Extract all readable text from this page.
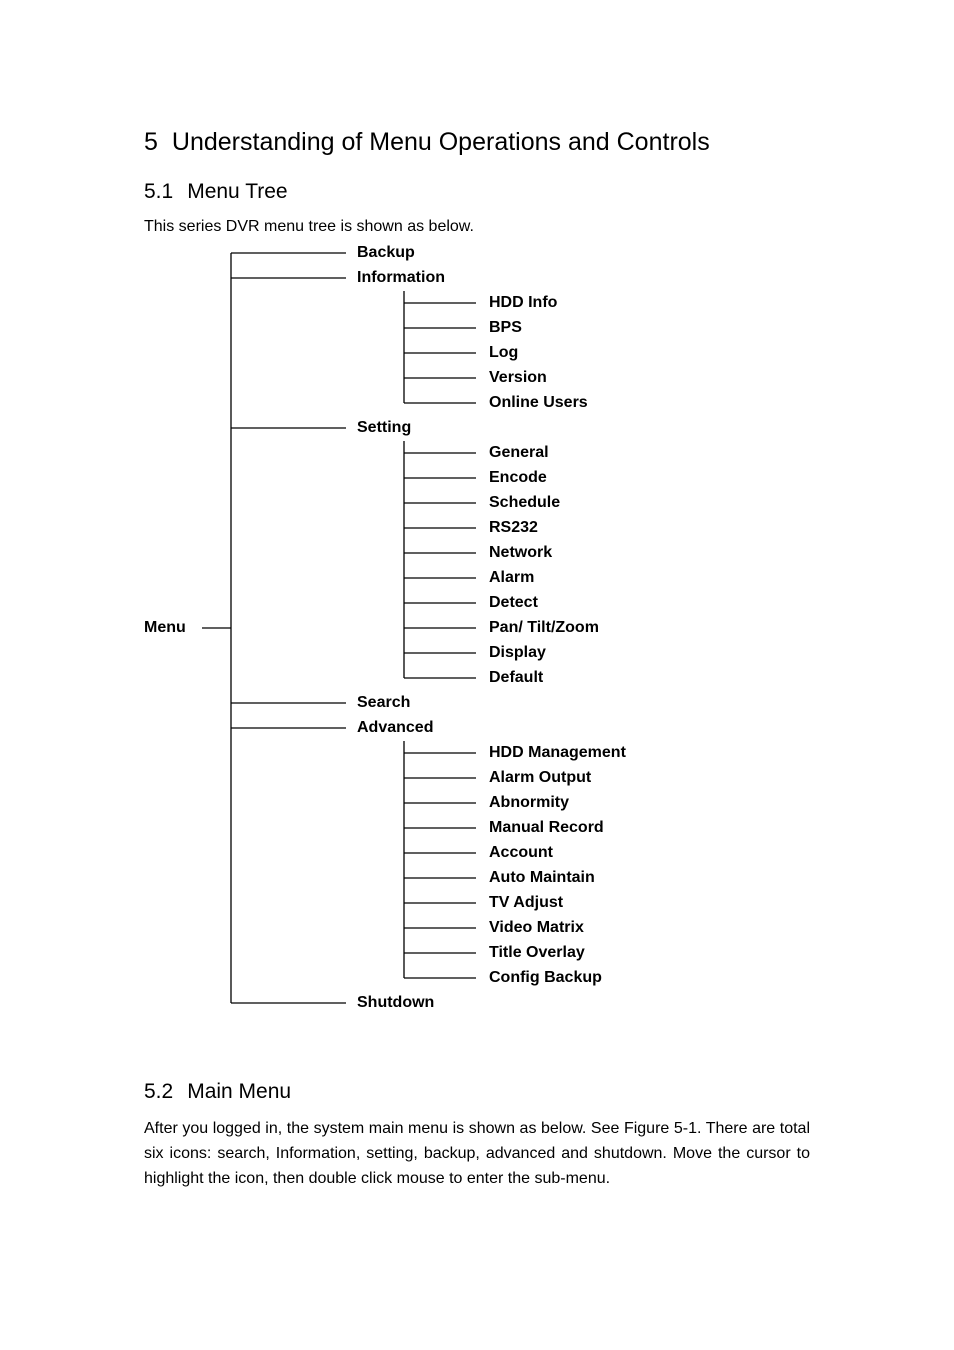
5 Understanding of Menu Operations and Controls
5.1 Menu Tree
This series DVR menu tree is shown as below.
Backup
Information
HDD Info
BPS
Log
Version
Online Users
Setting
General
Encode
Schedule
RS232
Network
Alarm
Detect
Pan/ Tilt/Zoom
Display
Default
Search
Advanced
HDD Management
Alarm Output
Abnormity
Manual Record
Account
Auto Maintain
TV Adjust
Video Matrix
Title Overlay
Config Backup
Shutdown
Menu
5.2 Main Menu
After you logged in, the system main menu is shown as below. See Figure 5-1. There are total six icons: search, Information, setting, backup, advanced and shutdown. Move the cursor to highlight the icon, then double click mouse to enter the sub-menu.
